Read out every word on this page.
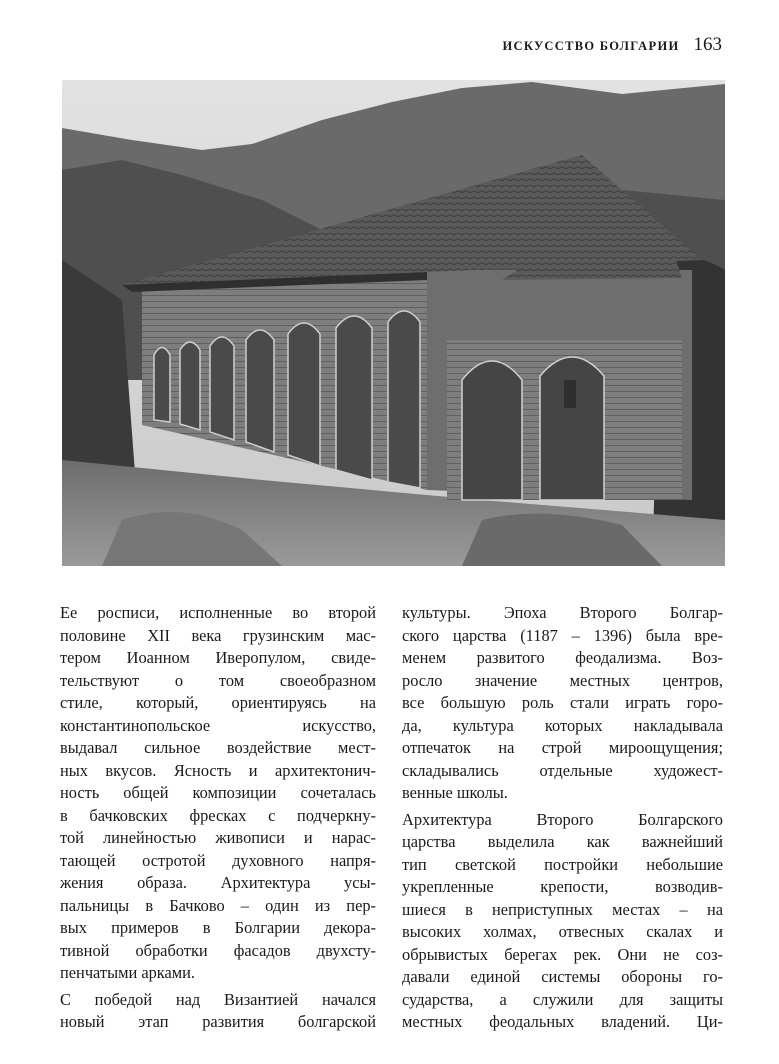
ИСКУССТВО БОЛГАРИИ 163

Ее росписи, исполненные во второй
половине XII века грузинским мас-
тером Иоанном Иверопулом, свиде-
тельствуют о том своеобразном
стиле, который, ориентируясь на
константинопольское искусство,
выдавал сильное воздействие мест-
ных вкусов. Ясность и архитектонич-
ность общей композиции сочеталась
в бачковских фресках с подчеркну-
той линейностью живописи и нарас-
тающей остротой духовного напря-
жения образа. Архитектура усы-
пальницы в Бачково – один из пер-
вых примеров в Болгарии декора-
тивной обработки фасадов двухсту-
пенчатыми арками.

С победой над Византией начался
новый этап развития болгарской

культуры. Эпоха Второго Болгар-
ского царства (1187 – 1396) была вре-
менем развитого феодализма. Воз-
росло значение местных центров,
все большую роль стали играть горо-
да, культура которых накладывала
отпечаток на строй мироощущения;
складывались отдельные художест-
венные школы.

Архитектура Второго Болгарского
царства выделила как важнейший
тип светской постройки небольшие
укрепленные крепости, возводив-
шиеся в неприступных местах – на
высоких холмах, отвесных скалах и
обрывистых берегах рек. Они не соз-
давали единой системы обороны го-
сударства, а служили для защиты
местных феодальных владений. Ци-
